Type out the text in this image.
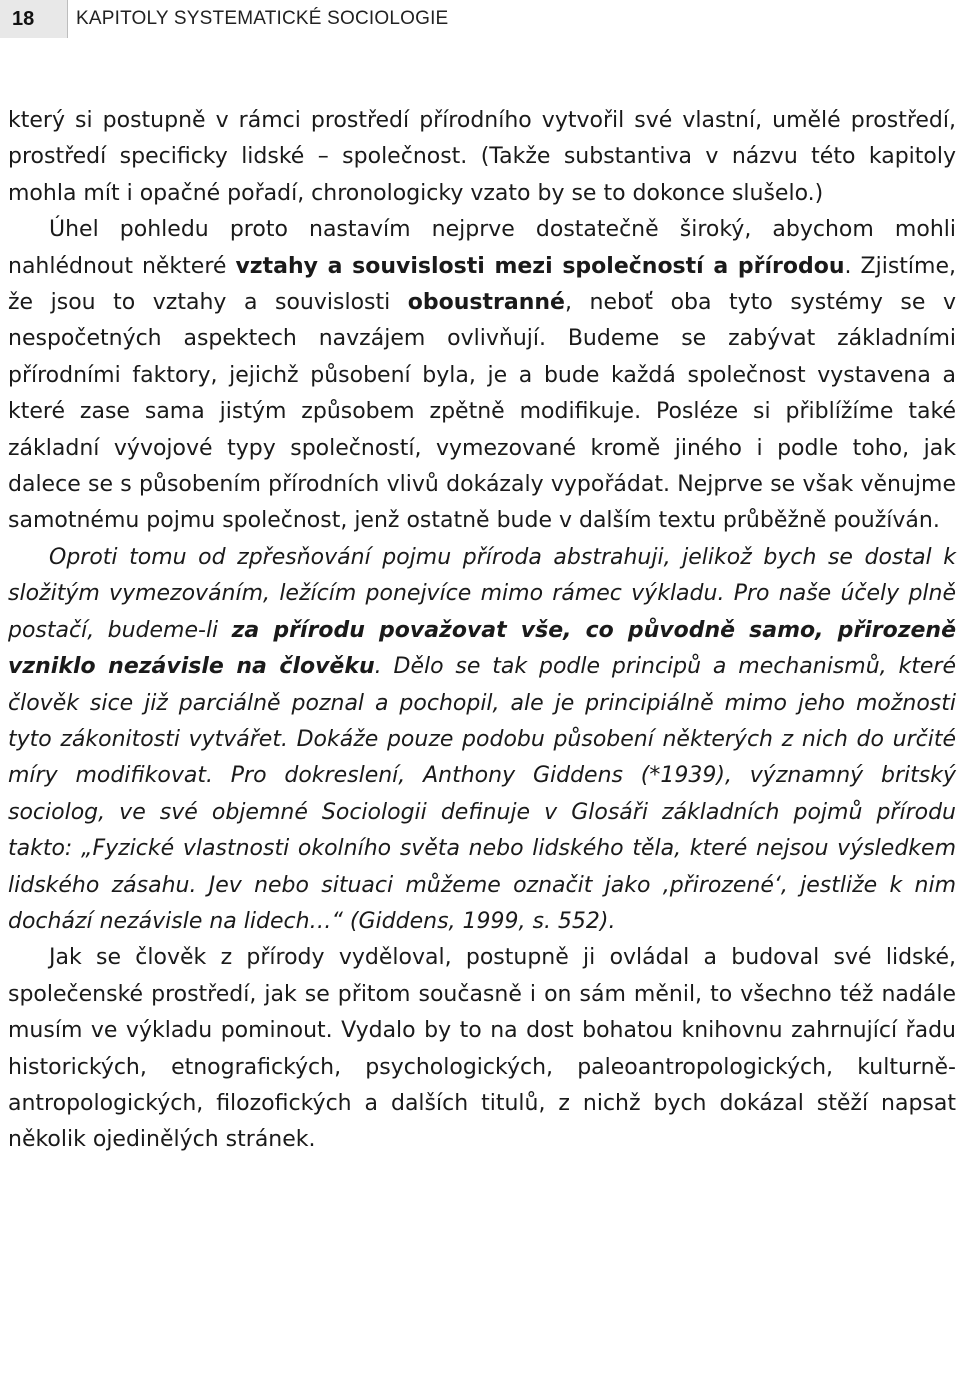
18	KAPITOLY SYSTEMATICKÉ SOCIOLOGIE

který si postupně v rámci prostředí přírodního vytvořil své vlastní, umělé prostředí, prostředí specificky lidské – společnost. (Takže substantiva v názvu této kapitoly mohla mít i opačné pořadí, chronologicky vzato by se to dokonce slušelo.)

Úhel pohledu proto nastavím nejprve dostatečně široký, abychom mohli nahlédnout některé vztahy a souvislosti mezi společností a přírodou. Zjistíme, že jsou to vztahy a souvislosti oboustranné, neboť oba tyto systémy se v nespočetných aspektech navzájem ovlivňují. Budeme se zabývat základními přírodními faktory, jejichž působení byla, je a bude každá společnost vystavena a které zase sama jistým způsobem zpětně modifikuje. Posléze si přiblížíme také základní vývojové typy společností, vymezované kromě jiného i podle toho, jak dalece se s působením přírodních vlivů dokázaly vypořádat. Nejprve se však věnujme samotnému pojmu společnost, jenž ostatně bude v dalším textu průběžně používán.

Oproti tomu od zpřesňování pojmu příroda abstrahuji, jelikož bych se dostal k složitým vymezováním, ležícím ponejvíce mimo rámec výkladu. Pro naše účely plně postačí, budeme-li za přírodu považovat vše, co původně samo, přirozeně vzniklo nezávisle na člověku. Dělo se tak podle principů a mechanismů, které člověk sice již parciálně poznal a pochopil, ale je principiálně mimo jeho možnosti tyto zákonitosti vytvářet. Dokáže pouze podobu působení některých z nich do určité míry modifikovat. Pro dokreslení, Anthony Giddens (*1939), významný britský sociolog, ve své objemné Sociologii definuje v Glosáři základních pojmů přírodu takto: „Fyzické vlastnosti okolního světa nebo lidského těla, které nejsou výsledkem lidského zásahu. Jev nebo situaci můžeme označit jako ‚přirozené‘, jestliže k nim dochází nezávisle na lidech…“ (Giddens, 1999, s. 552).

Jak se člověk z přírody vyděloval, postupně ji ovládal a budoval své lidské, společenské prostředí, jak se přitom současně i on sám měnil, to všechno též nadále musím ve výkladu pominout. Vydalo by to na dost bohatou knihovnu zahrnující řadu historických, etnografických, psychologických, paleoantropologických, kulturně-antropologických, filozofických a dalších titulů, z nichž bych dokázal stěží napsat několik ojedinělých stránek.
